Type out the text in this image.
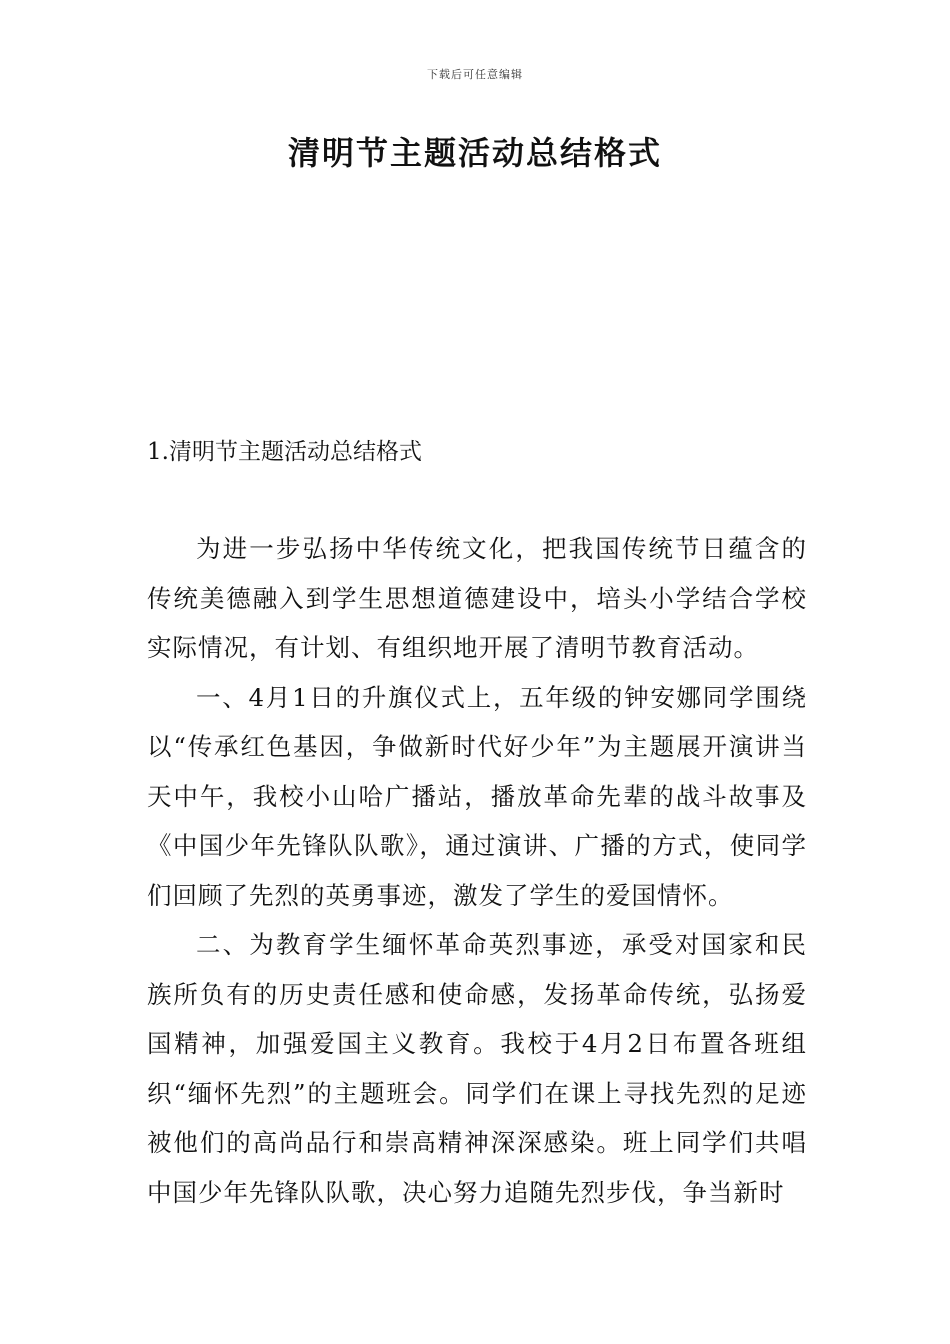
下载后可任意编辑
清明节主题活动总结格式
1.清明节主题活动总结格式

为进一步弘扬中华传统文化，把我国传统节日蕴含的传统美德融入到学生思想道德建设中，培头小学结合学校实际情况，有计划、有组织地开展了清明节教育活动。

一、4月1日的升旗仪式上，五年级的钟安娜同学围绕以“传承红色基因，争做新时代好少年”为主题展开演讲当天中午，我校小山哈广播站，播放革命先辈的战斗故事及《中国少年先锋队队歌》，通过演讲、广播的方式，使同学们回顾了先烈的英勇事迹，激发了学生的爱国情怀。

二、为教育学生缅怀革命英烈事迹，承受对国家和民族所负有的历史责任感和使命感，发扬革命传统，弘扬爱国精神，加强爱国主义教育。我校于4月2日布置各班组织“缅怀先烈”的主题班会。同学们在课上寻找先烈的足迹被他们的高尚品行和崇高精神深深感染。班上同学们共唱中国少年先锋队队歌，决心努力追随先烈步伐，争当新时
